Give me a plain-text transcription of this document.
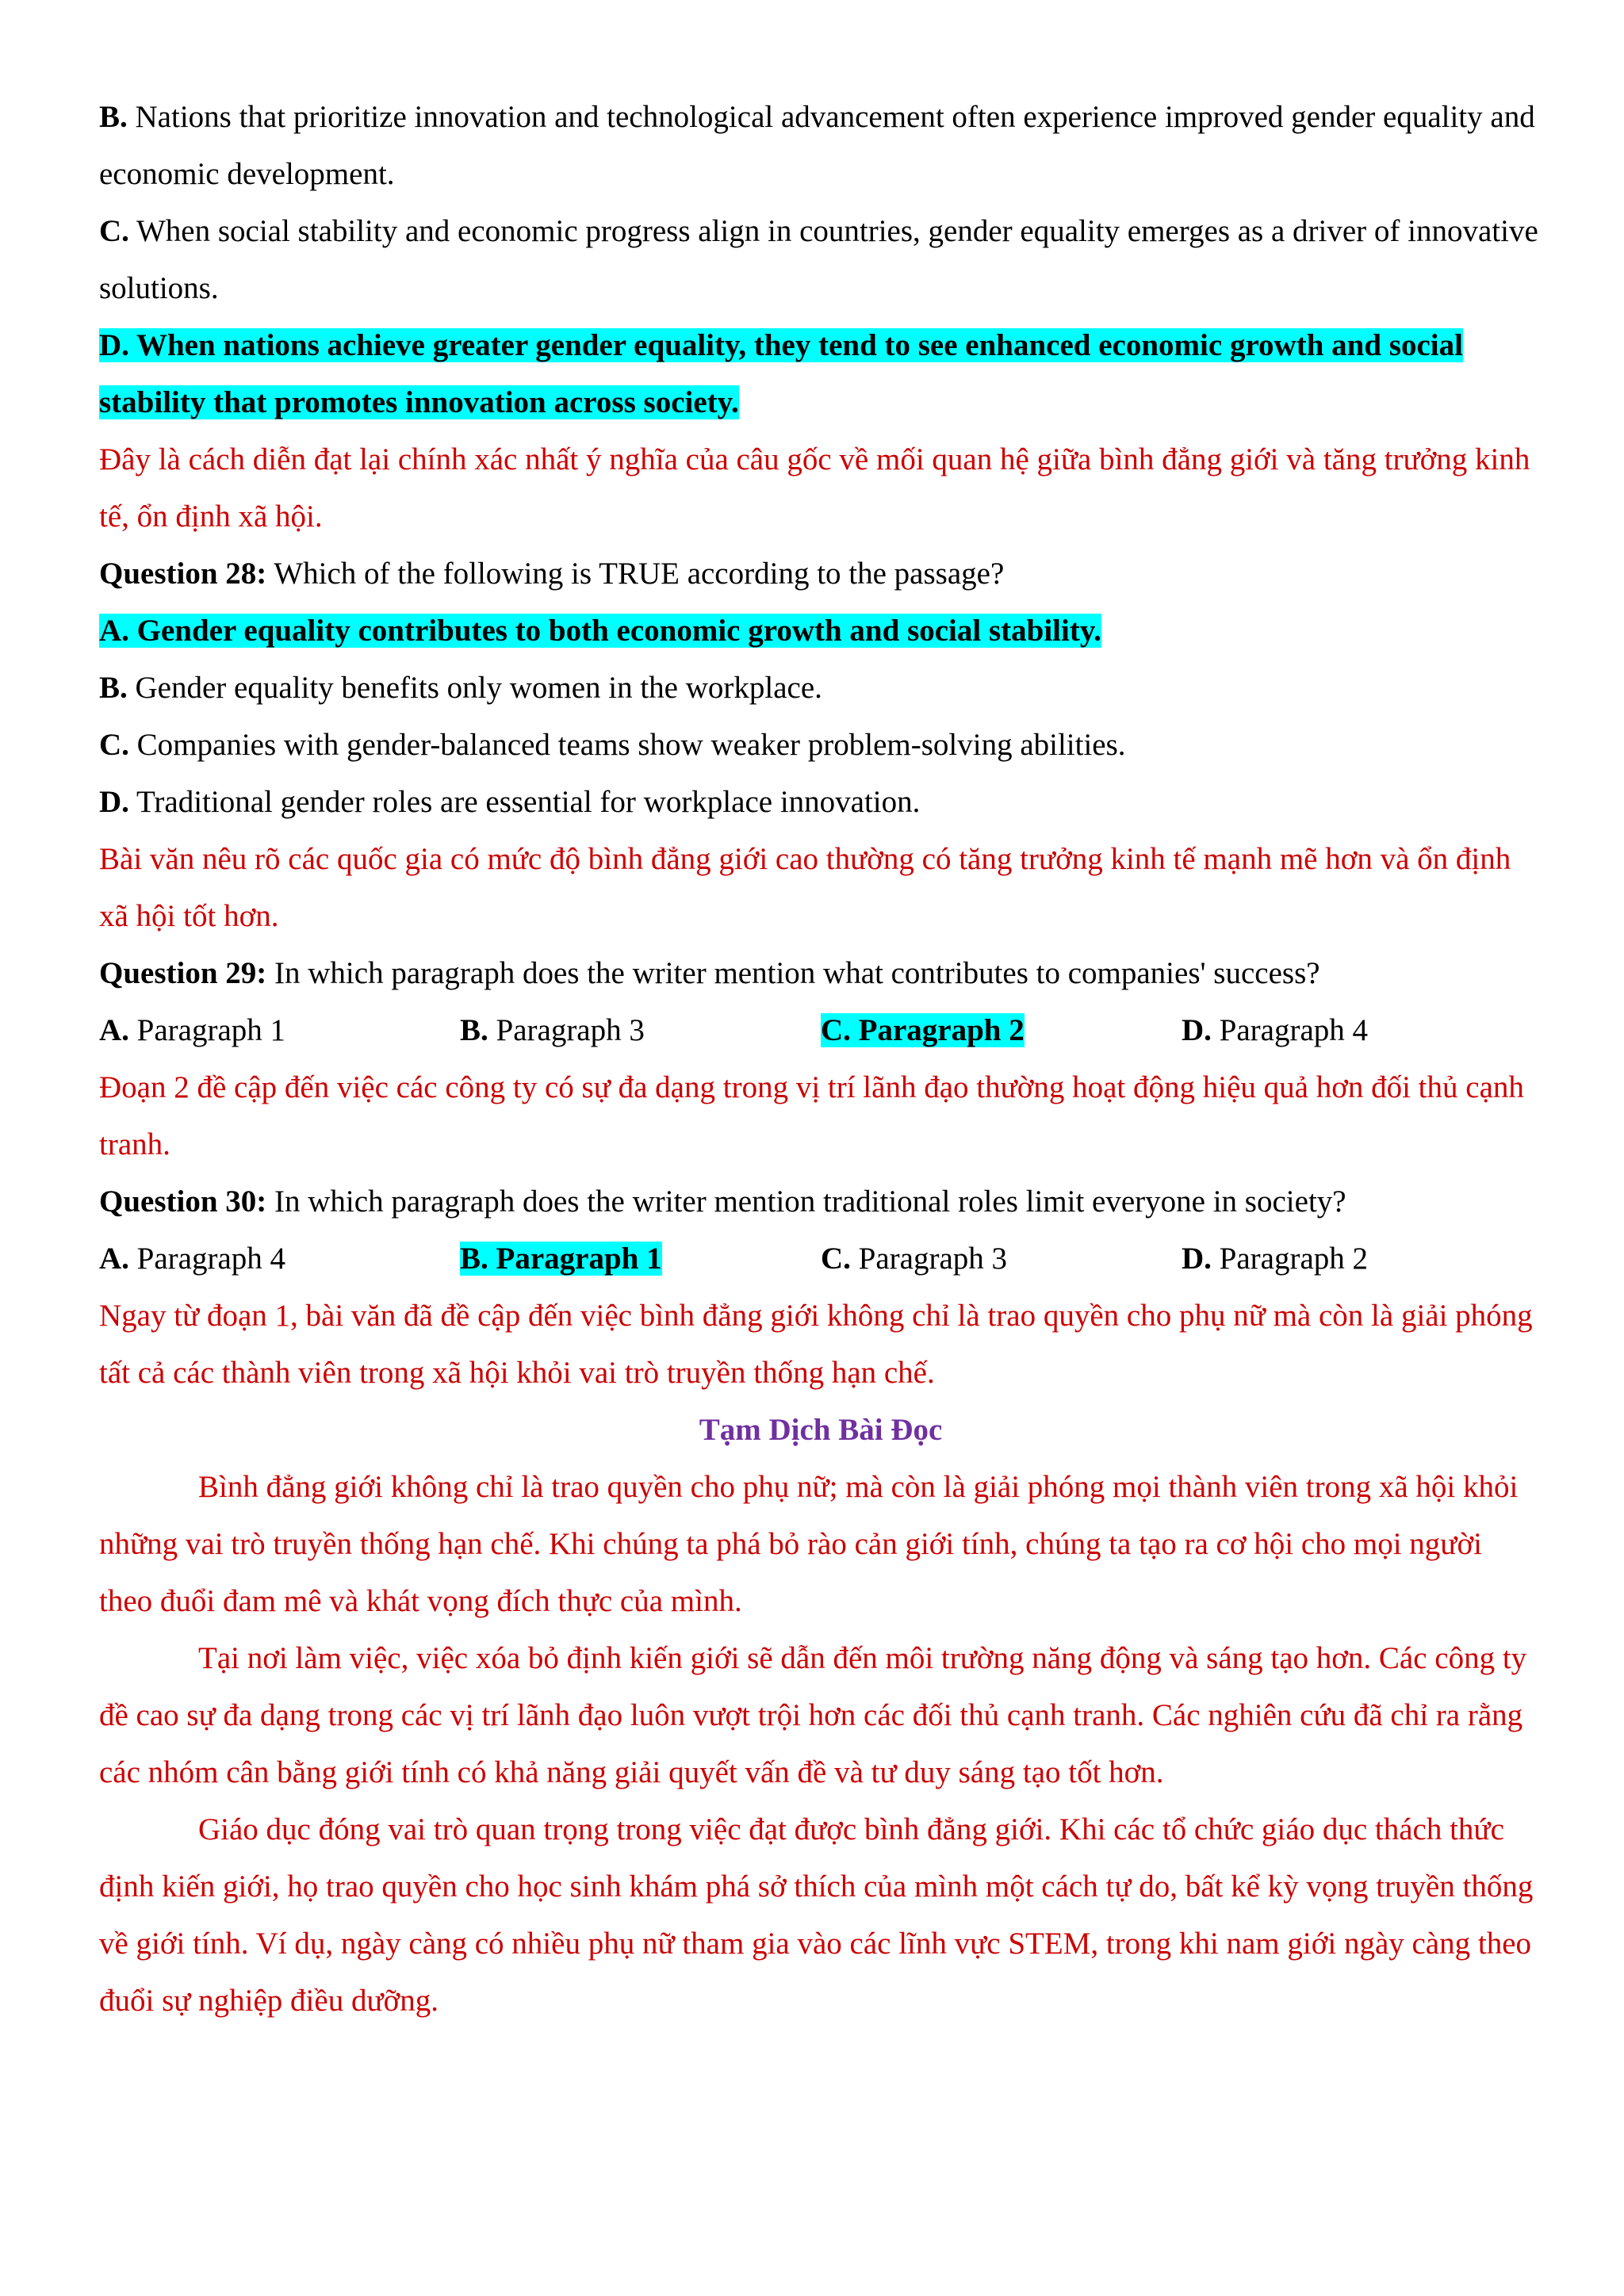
B. Nations that prioritize innovation and technological advancement often experience improved gender equality and economic development.

C. When social stability and economic progress align in countries, gender equality emerges as a driver of innovative solutions.

D. When nations achieve greater gender equality, they tend to see enhanced economic growth and social stability that promotes innovation across society.

Đây là cách diễn đạt lại chính xác nhất ý nghĩa của câu gốc về mối quan hệ giữa bình đẳng giới và tăng trưởng kinh tế, ổn định xã hội.

Question 28: Which of the following is TRUE according to the passage?

A. Gender equality contributes to both economic growth and social stability.

B. Gender equality benefits only women in the workplace.

C. Companies with gender-balanced teams show weaker problem-solving abilities.

D. Traditional gender roles are essential for workplace innovation.

Bài văn nêu rõ các quốc gia có mức độ bình đẳng giới cao thường có tăng trưởng kinh tế mạnh mẽ hơn và ổn định xã hội tốt hơn.

Question 29: In which paragraph does the writer mention what contributes to companies' success?

A. Paragraph 1	B. Paragraph 3	C. Paragraph 2	D. Paragraph 4

Đoạn 2 đề cập đến việc các công ty có sự đa dạng trong vị trí lãnh đạo thường hoạt động hiệu quả hơn đối thủ cạnh tranh.

Question 30: In which paragraph does the writer mention traditional roles limit everyone in society?

A. Paragraph 4	B. Paragraph 1	C. Paragraph 3	D. Paragraph 2

Ngay từ đoạn 1, bài văn đã đề cập đến việc bình đẳng giới không chỉ là trao quyền cho phụ nữ mà còn là giải phóng tất cả các thành viên trong xã hội khỏi vai trò truyền thống hạn chế.

Tạm Dịch Bài Đọc

Bình đẳng giới không chỉ là trao quyền cho phụ nữ; mà còn là giải phóng mọi thành viên trong xã hội khỏi những vai trò truyền thống hạn chế. Khi chúng ta phá bỏ rào cản giới tính, chúng ta tạo ra cơ hội cho mọi người theo đuổi đam mê và khát vọng đích thực của mình.

Tại nơi làm việc, việc xóa bỏ định kiến giới sẽ dẫn đến môi trường năng động và sáng tạo hơn. Các công ty đề cao sự đa dạng trong các vị trí lãnh đạo luôn vượt trội hơn các đối thủ cạnh tranh. Các nghiên cứu đã chỉ ra rằng các nhóm cân bằng giới tính có khả năng giải quyết vấn đề và tư duy sáng tạo tốt hơn.

Giáo dục đóng vai trò quan trọng trong việc đạt được bình đẳng giới. Khi các tổ chức giáo dục thách thức định kiến giới, họ trao quyền cho học sinh khám phá sở thích của mình một cách tự do, bất kể kỳ vọng truyền thống về giới tính. Ví dụ, ngày càng có nhiều phụ nữ tham gia vào các lĩnh vực STEM, trong khi nam giới ngày càng theo đuổi sự nghiệp điều dưỡng.
